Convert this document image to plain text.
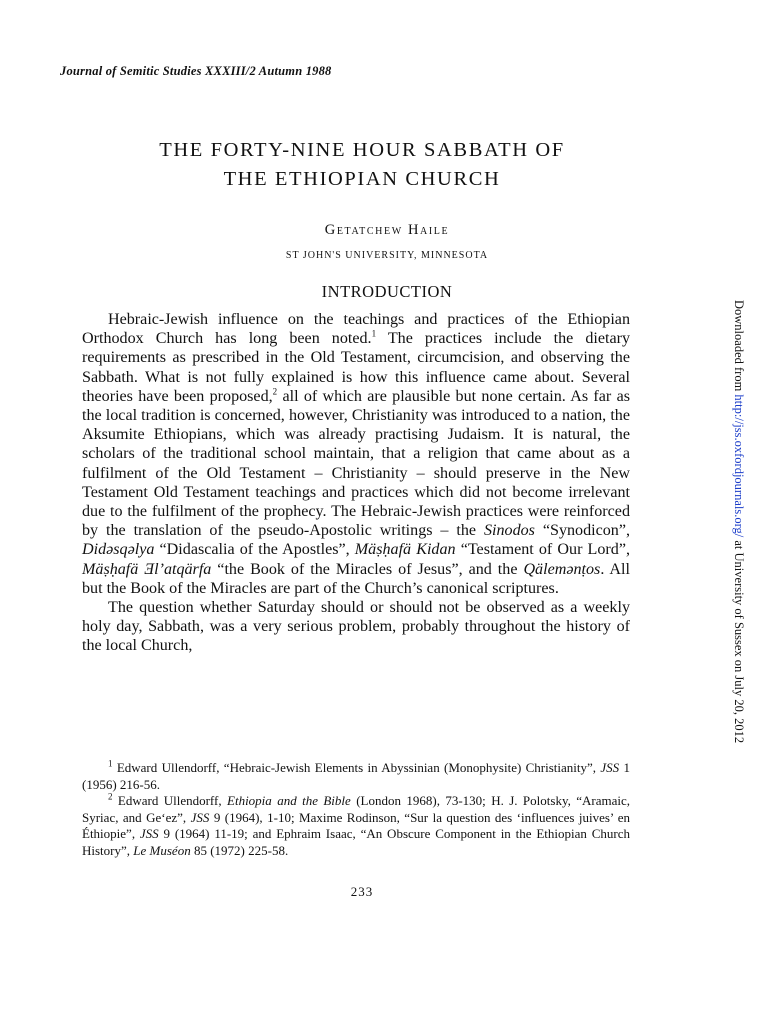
Journal of Semitic Studies XXXIII/2 Autumn 1988
THE FORTY-NINE HOUR SABBATH OF
THE ETHIOPIAN CHURCH
Getatchew Haile
ST JOHN'S UNIVERSITY, MINNESOTA
INTRODUCTION

Hebraic-Jewish influence on the teachings and practices of the Ethiopian Orthodox Church has long been noted.$^1$ The practices include the dietary requirements as prescribed in the Old Testament, circumcision, and observing the Sabbath. What is not fully explained is how this influence came about. Several theories have been proposed,$^2$ all of which are plausible but none certain. As far as the local tradition is concerned, however, Christianity was introduced to a nation, the Aksumite Ethiopians, which was already practising Judaism. It is natural, the scholars of the traditional school maintain, that a religion that came about as a fulfilment of the Old Testament – Christianity – should preserve in the New Testament Old Testament teachings and practices which did not become irrelevant due to the fulfilment of the prophecy. The Hebraic-Jewish practices were reinforced by the translation of the pseudo-Apostolic writings – the Sinodos “Synodicon”, Didəsqəlya “Didascalia of the Apostles”, Mäṣḥafä Kidan “Testament of Our Lord”, Mäṣḥafä Ǝl’atqärfa “the Book of the Miracles of Jesus”, and the Qälemənṭos. All but the Book of the Miracles are part of the Church’s canonical scriptures.

The question whether Saturday should or should not be observed as a weekly holy day, Sabbath, was a very serious problem, probably throughout the history of the local Church,

$^1$ Edward Ullendorff, “Hebraic-Jewish Elements in Abyssinian (Monophysite) Christianity”, JSS 1 (1956) 216-56.

$^2$ Edward Ullendorff, Ethiopia and the Bible (London 1968), 73-130; H. J. Polotsky, “Aramaic, Syriac, and Ge‘ez”, JSS 9 (1964), 1-10; Maxime Rodinson, “Sur la question des ‘influences juives’ en Éthiopie”, JSS 9 (1964) 11-19; and Ephraim Isaac, “An Obscure Component in the Ethiopian Church History”, Le Muséon 85 (1972) 225-58.

233
Downloaded from http://jss.oxfordjournals.org/ at University of Sussex on July 20, 2012
